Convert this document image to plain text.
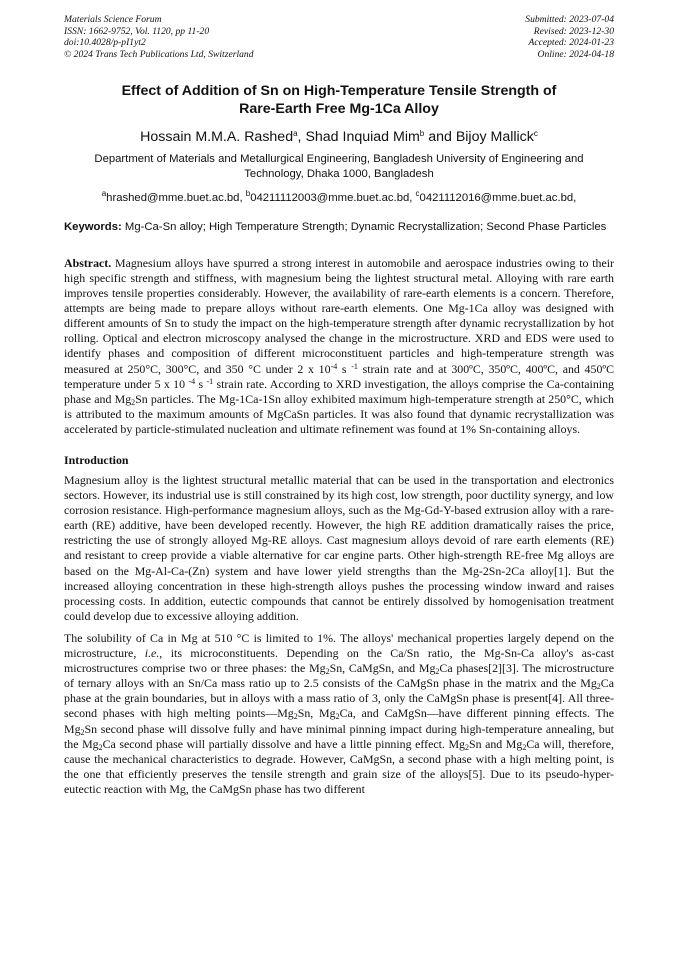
Materials Science Forum
ISSN: 1662-9752, Vol. 1120, pp 11-20
doi:10.4028/p-pI1yt2
© 2024 Trans Tech Publications Ltd, Switzerland
Submitted: 2023-07-04
Revised: 2023-12-30
Accepted: 2024-01-23
Online: 2024-04-18
Effect of Addition of Sn on High-Temperature Tensile Strength of
Rare-Earth Free Mg-1Ca Alloy
Hossain M.M.A. Rashed$^a$, Shad Inquiad Mim$^b$ and Bijoy Mallick$^c$
Department of Materials and Metallurgical Engineering, Bangladesh University of Engineering and
Technology, Dhaka 1000, Bangladesh
$^a$hrashed@mme.buet.ac.bd, $^b$04211112003@mme.buet.ac.bd, $^c$0421112016@mme.buet.ac.bd,
Keywords: Mg-Ca-Sn alloy; High Temperature Strength; Dynamic Recrystallization; Second Phase Particles
Abstract. Magnesium alloys have spurred a strong interest in automobile and aerospace industries owing to their high specific strength and stiffness, with magnesium being the lightest structural metal. Alloying with rare earth improves tensile properties considerably. However, the availability of rare-earth elements is a concern. Therefore, attempts are being made to prepare alloys without rare-earth elements. One Mg-1Ca alloy was designed with different amounts of Sn to study the impact on the high-temperature strength after dynamic recrystallization by hot rolling. Optical and electron microscopy analysed the change in the microstructure. XRD and EDS were used to identify phases and composition of different microconstituent particles and high-temperature strength was measured at 250°C, 300°C, and 350 °C under 2 x $10^{-4}$ s $^{-1}$ strain rate and at 300ºC, 350ºC, 400ºC, and 450ºC temperature under 5 x 10 $^{-4}$ s $^{-1}$ strain rate. According to XRD investigation, the alloys comprise the Ca-containing phase and $Mg_2Sn$ particles. The Mg-1Ca-1Sn alloy exhibited maximum high-temperature strength at 250°C, which is attributed to the maximum amounts of MgCaSn particles. It was also found that dynamic recrystallization was accelerated by particle-stimulated nucleation and ultimate refinement was found at 1% Sn-containing alloys.
Introduction

Magnesium alloy is the lightest structural metallic material that can be used in the transportation and electronics sectors. However, its industrial use is still constrained by its high cost, low strength, poor ductility synergy, and low corrosion resistance. High-performance magnesium alloys, such as the Mg-Gd-Y-based extrusion alloy with a rare-earth (RE) additive, have been developed recently. However, the high RE addition dramatically raises the price, restricting the use of strongly alloyed Mg-RE alloys. Cast magnesium alloys devoid of rare earth elements (RE) and resistant to creep provide a viable alternative for car engine parts. Other high-strength RE-free Mg alloys are based on the Mg-Al-Ca-(Zn) system and have lower yield strengths than the Mg-2Sn-2Ca alloy[1]. But the increased alloying concentration in these high-strength alloys pushes the processing window inward and raises processing costs. In addition, eutectic compounds that cannot be entirely dissolved by homogenisation treatment could develop due to excessive alloying addition.

The solubility of Ca in Mg at 510 °C is limited to 1%. The alloys' mechanical properties largely depend on the microstructure, i.e., its microconstituents. Depending on the Ca/Sn ratio, the Mg-Sn-Ca alloy's as-cast microstructures comprise two or three phases: the $Mg_2Sn$, CaMgSn, and $Mg_2Ca$ phases[2][3]. The microstructure of ternary alloys with an Sn/Ca mass ratio up to 2.5 consists of the CaMgSn phase in the matrix and the $Mg_2Ca$ phase at the grain boundaries, but in alloys with a mass ratio of 3, only the CaMgSn phase is present[4]. All three-second phases with high melting $points—Mg_2Sn$, $Mg_2Ca$, and CaMgSn—have different pinning effects. The $Mg_2Sn$ second phase will dissolve fully and have minimal pinning impact during high-temperature annealing, but the $Mg_2Ca$ second phase will partially dissolve and have a little pinning effect. $Mg_2Sn$ and $Mg_2Ca$ will, therefore, cause the mechanical characteristics to degrade. However, CaMgSn, a second phase with a high melting point, is the one that efficiently preserves the tensile strength and grain size of the alloys[5]. Due to its pseudo-hyper-eutectic reaction with Mg, the CaMgSn phase has two different
